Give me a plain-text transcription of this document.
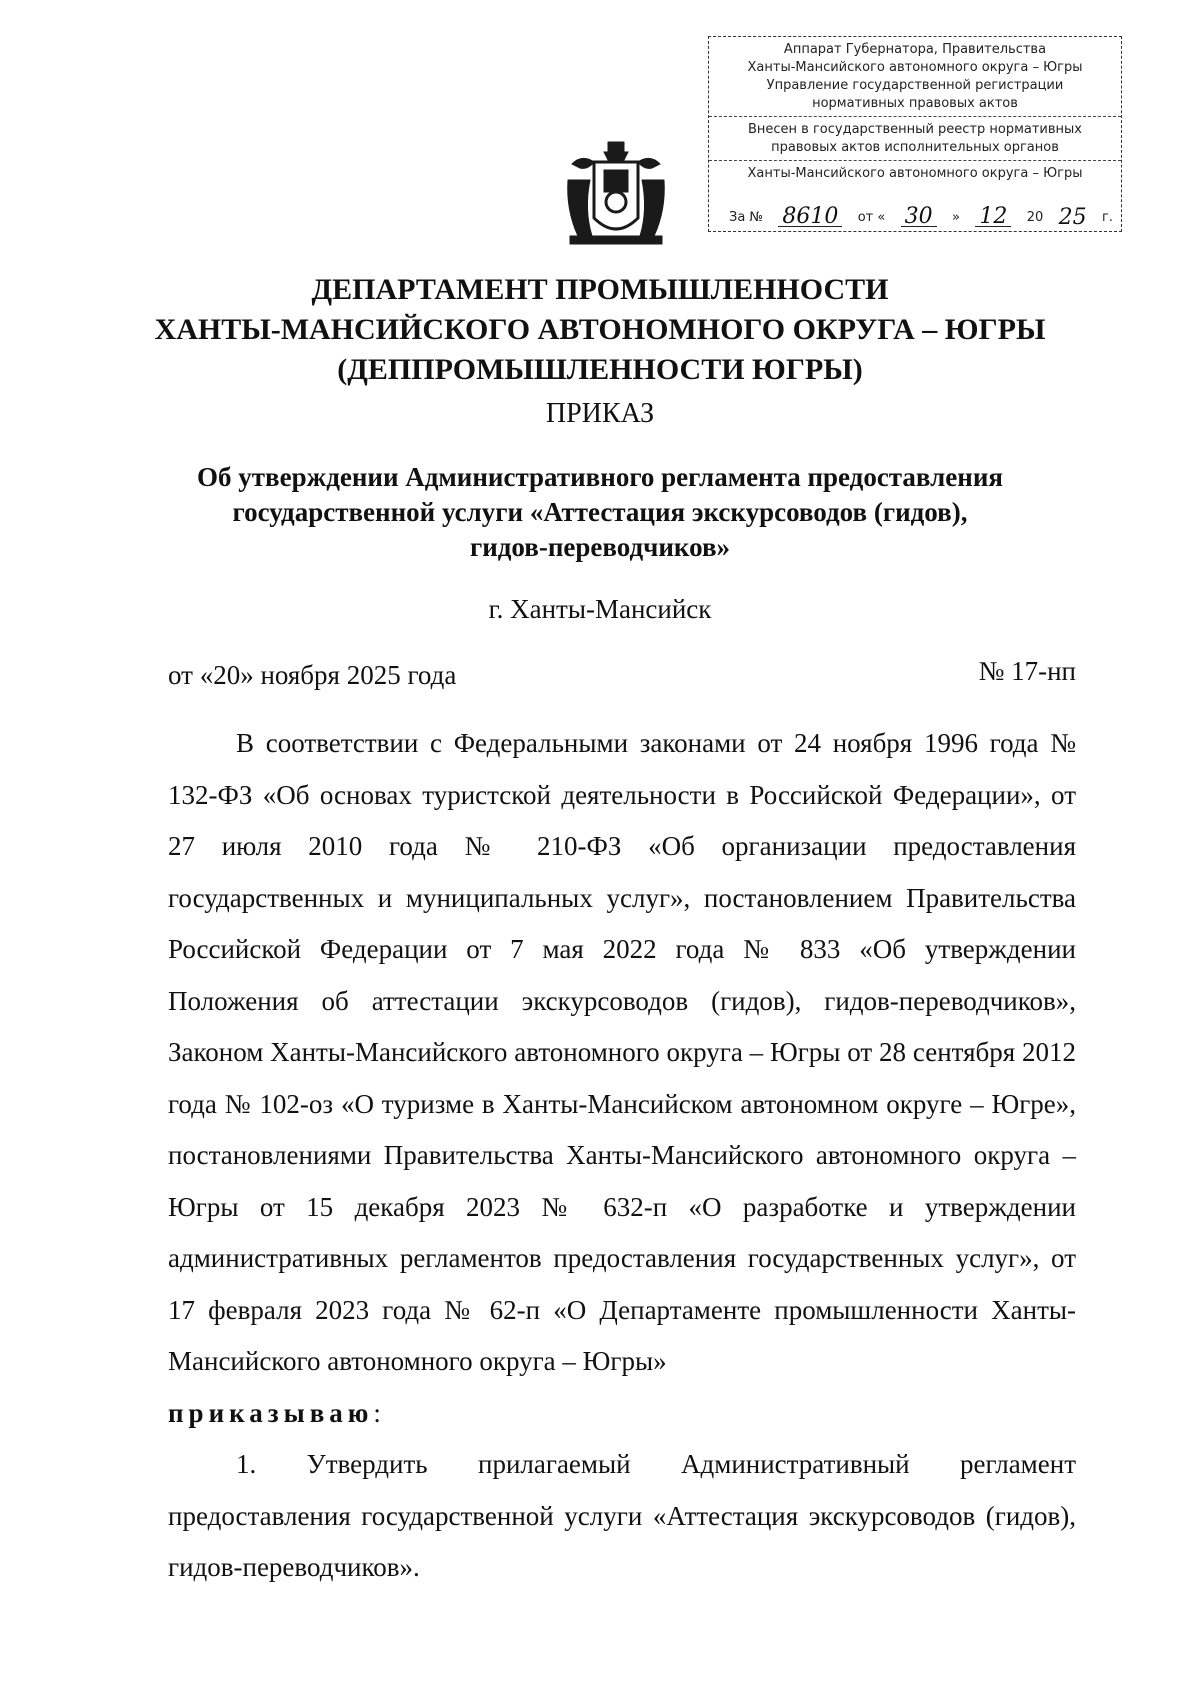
Аппарат Губернатора, Правительства
Ханты-Мансийского автономного округа – Югры
Управление государственной регистрации
нормативных правовых актов
Внесен в государственный реестр нормативных
правовых актов исполнительных органов
Ханты-Мансийского автономного округа – Югры
За № 8610	от « 30	» 12	20 25 г.
ДЕПАРТАМЕНТ ПРОМЫШЛЕННОСТИ
ХАНТЫ-МАНСИЙСКОГО АВТОНОМНОГО ОКРУГА – ЮГРЫ
(ДЕППРОМЫШЛЕННОСТИ ЮГРЫ)
ПРИКАЗ
Об утверждении Административного регламента предоставления
государственной услуги «Аттестация экскурсоводов (гидов),
гидов-переводчиков»
г. Ханты-Мансийск
от «20» ноября 2025 года	№ 17-нп

В соответствии с Федеральными законами от 24 ноября 1996 года № 132-ФЗ «Об основах туристской деятельности в Российской Федерации», от 27 июля 2010 года № 210-ФЗ «Об организации предоставления государственных и муниципальных услуг», постановлением Правительства Российской Федерации от 7 мая 2022 года № 833 «Об утверждении Положения об аттестации экскурсоводов (гидов), гидов-переводчиков», Законом Ханты-Мансийского автономного округа – Югры от 28 сентября 2012 года № 102-оз «О туризме в Ханты-Мансийском автономном округе – Югре», постановлениями Правительства Ханты-Мансийского автономного округа – Югры от 15 декабря 2023 № 632-п «О разработке и утверждении административных регламентов предоставления государственных услуг», от 17 февраля 2023 года № 62-п «О Департаменте промышленности Ханты-Мансийского автономного округа – Югры»

приказываю:

1. Утвердить прилагаемый Административный регламент предоставления государственной услуги «Аттестация экскурсоводов (гидов), гидов-переводчиков».
